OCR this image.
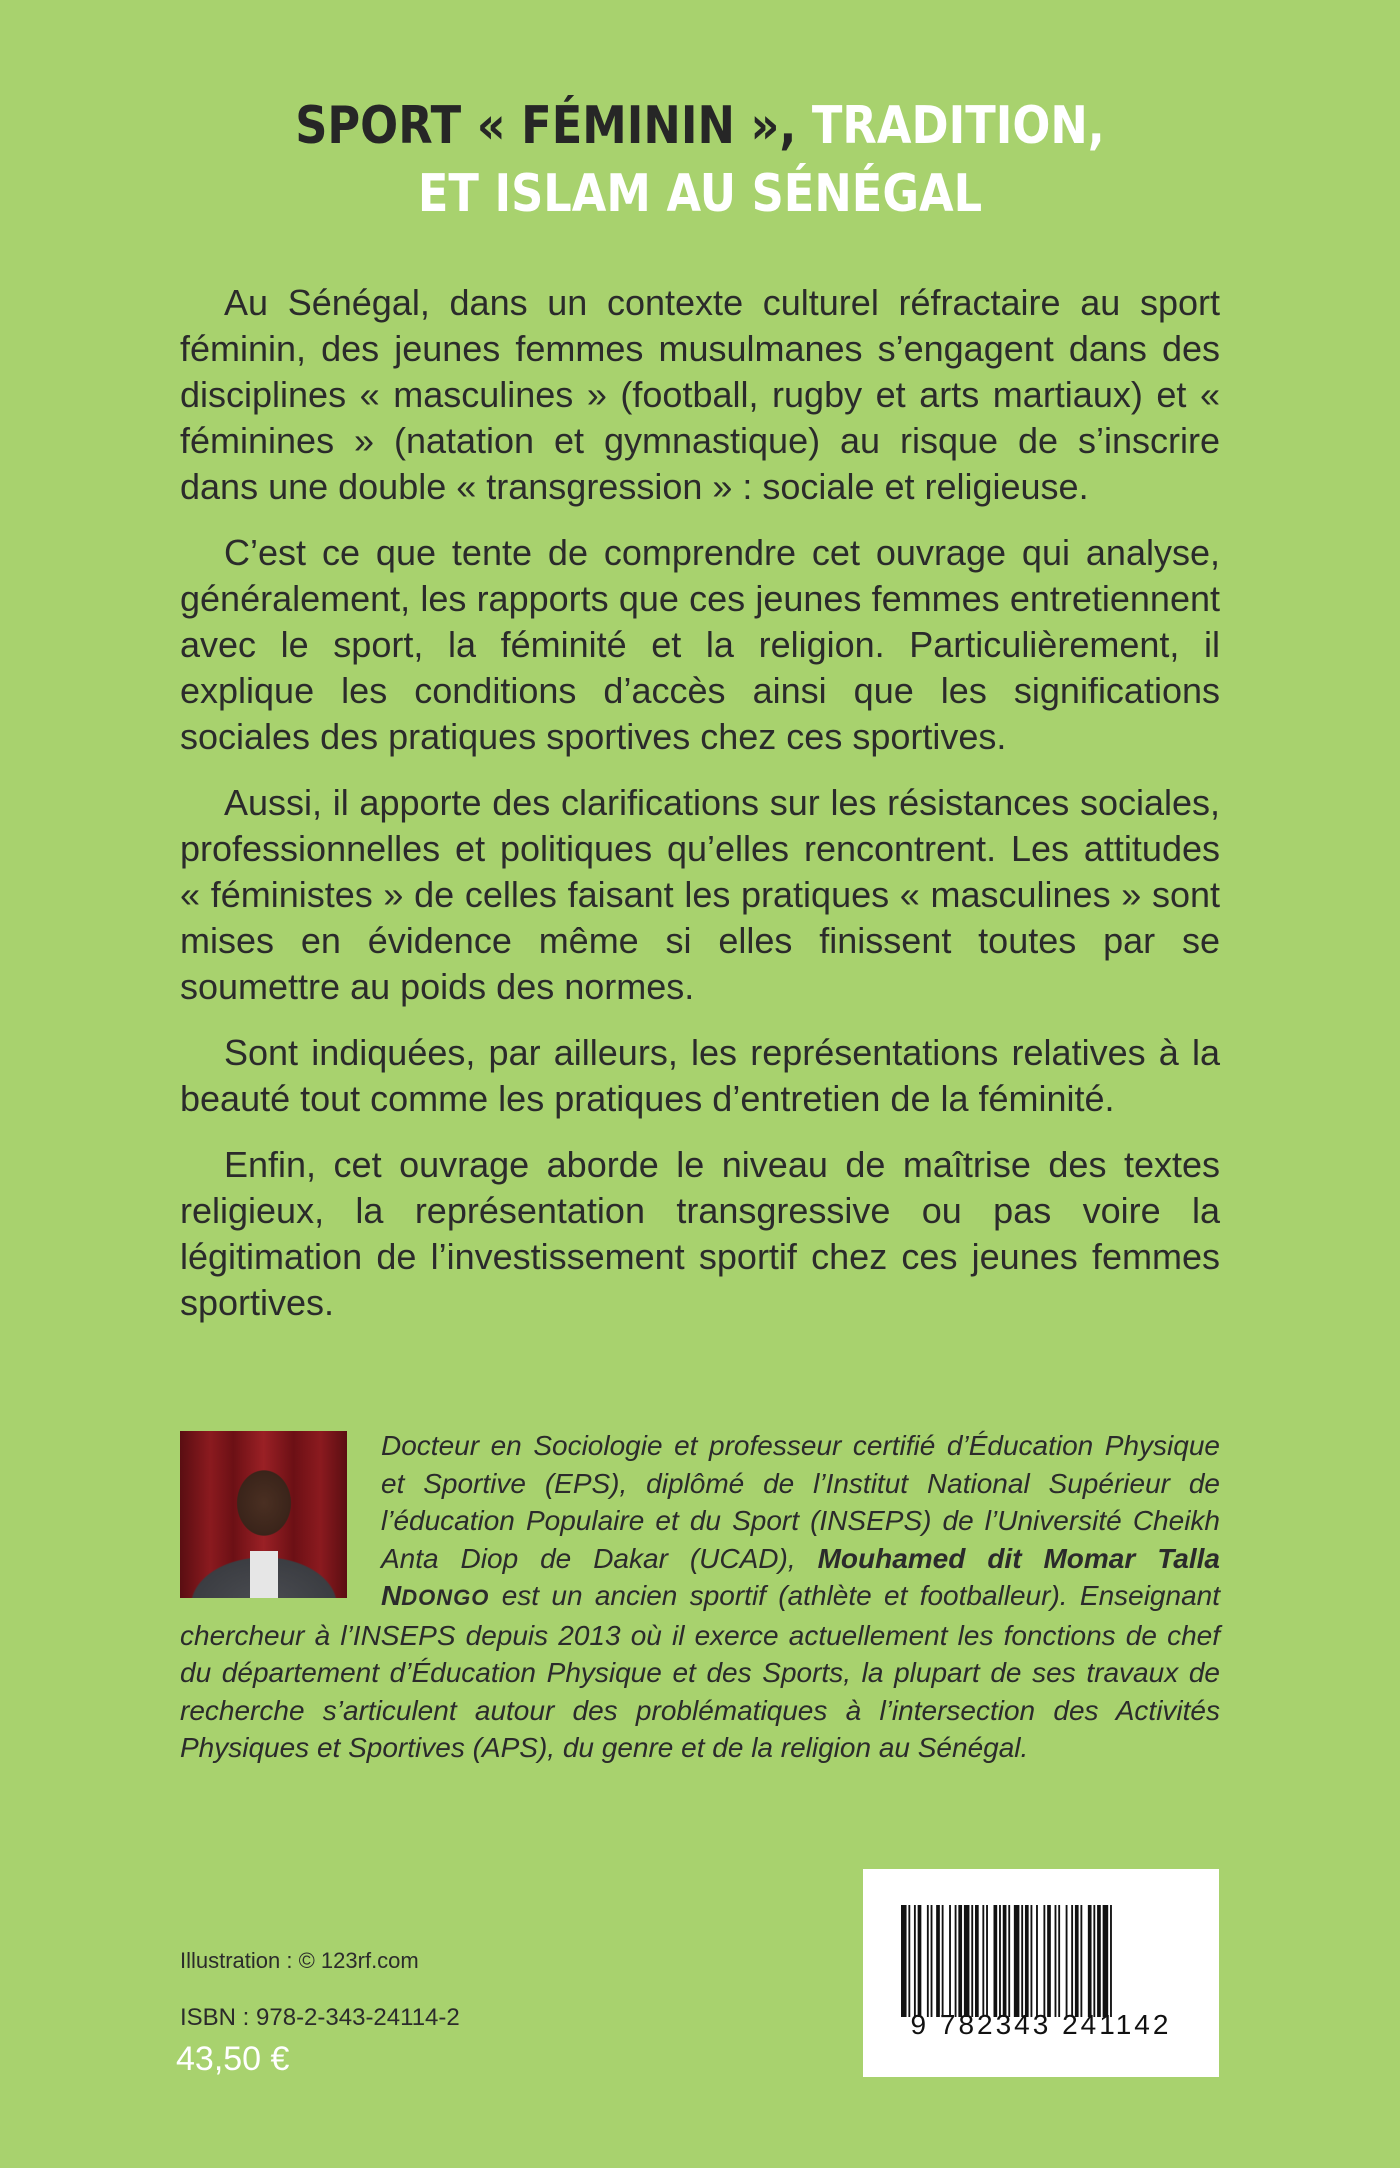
SPORT « FÉMININ », TRADITION,
ET ISLAM AU SÉNÉGAL

Au Sénégal, dans un contexte culturel réfractaire au sport féminin, des jeunes femmes musulmanes s’engagent dans des disciplines « masculines » (football, rugby et arts martiaux) et « féminines » (natation et gymnastique) au risque de s’inscrire dans une double « transgression » : sociale et religieuse.

C’est ce que tente de comprendre cet ouvrage qui analyse, généralement, les rapports que ces jeunes femmes entretiennent avec le sport, la féminité et la religion. Particulièrement, il explique les conditions d’accès ainsi que les significations sociales des pratiques sportives chez ces sportives.

Aussi, il apporte des clarifications sur les résistances sociales, professionnelles et politiques qu’elles rencontrent. Les attitudes « féministes » de celles faisant les pratiques « masculines » sont mises en évidence même si elles finissent toutes par se soumettre au poids des normes.

Sont indiquées, par ailleurs, les représentations relatives à la beauté tout comme les pratiques d’entretien de la féminité.

Enfin, cet ouvrage aborde le niveau de maîtrise des textes religieux, la représentation transgressive ou pas voire la légitimation de l’investissement sportif chez ces jeunes femmes sportives.

Docteur en Sociologie et professeur certifié d’Éducation Physique et Sportive (EPS), diplômé de l’Institut National Supérieur de l’éducation Populaire et du Sport (INSEPS) de l’Université Cheikh Anta Diop de Dakar (UCAD), Mouhamed dit Momar Talla NDONGO est un ancien sportif (athlète et footballeur). Enseignant chercheur à l’INSEPS depuis 2013 où il exerce actuellement les fonctions de chef du département d’Éducation Physique et des Sports, la plupart de ses travaux de recherche s’articulent autour des problématiques à l’intersection des Activités Physiques et Sportives (APS), du genre et de la religion au Sénégal.
Illustration : © 123rf.com
ISBN : 978-2-343-24114-2
43,50 €
9 782343 241142
